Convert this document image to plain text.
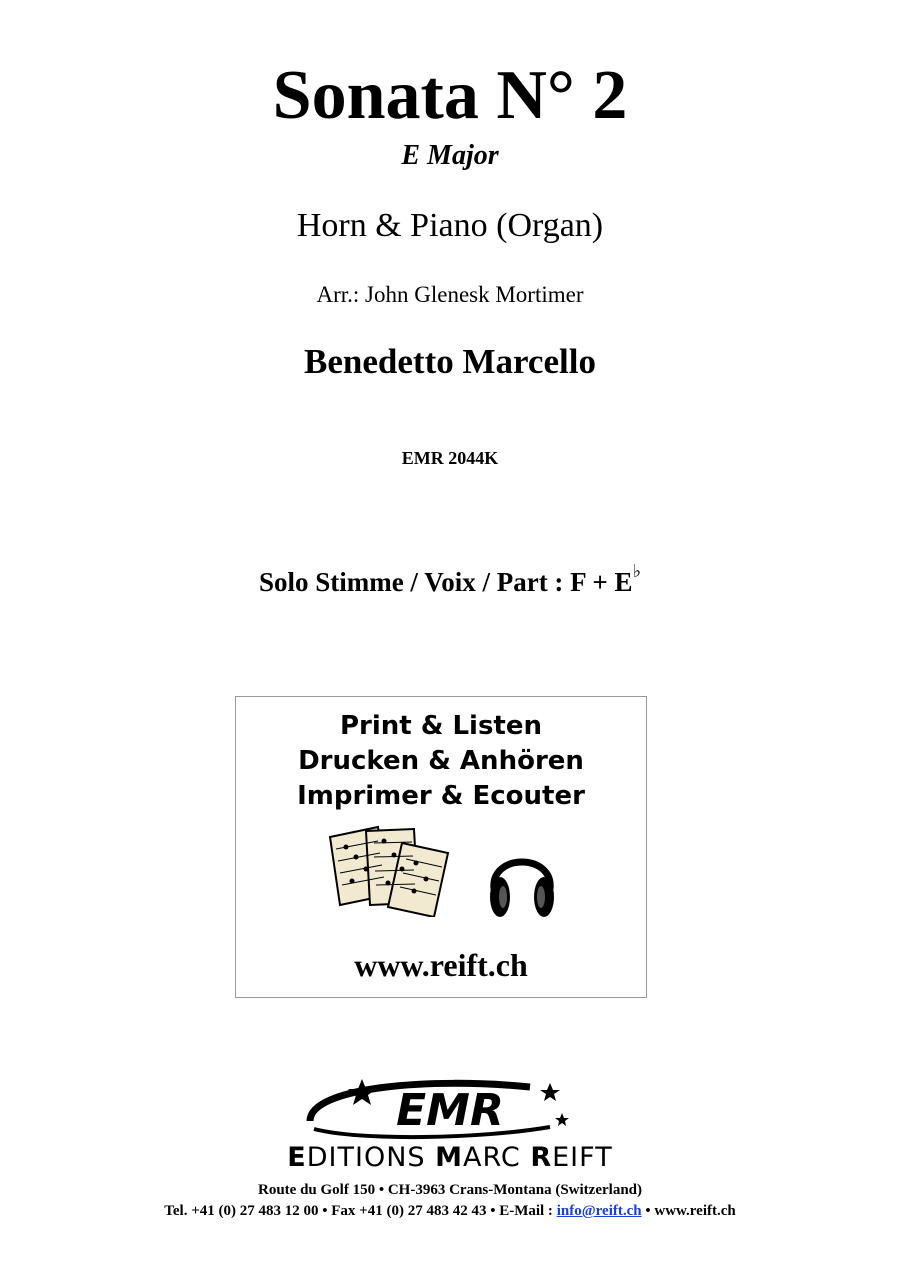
Sonata N° 2
E Major
Horn & Piano (Organ)
Arr.: John Glenesk Mortimer
Benedetto Marcello
EMR 2044K
Solo Stimme / Voix / Part : F + E♭
Print & Listen
Drucken & Anhören
Imprimer & Ecouter
www.reift.ch
EMR
EDITIONS MARC REIFT
Route du Golf 150 • CH-3963 Crans-Montana (Switzerland)
Tel. +41 (0) 27 483 12 00 • Fax +41 (0) 27 483 42 43 • E-Mail : info@reift.ch • www.reift.ch
